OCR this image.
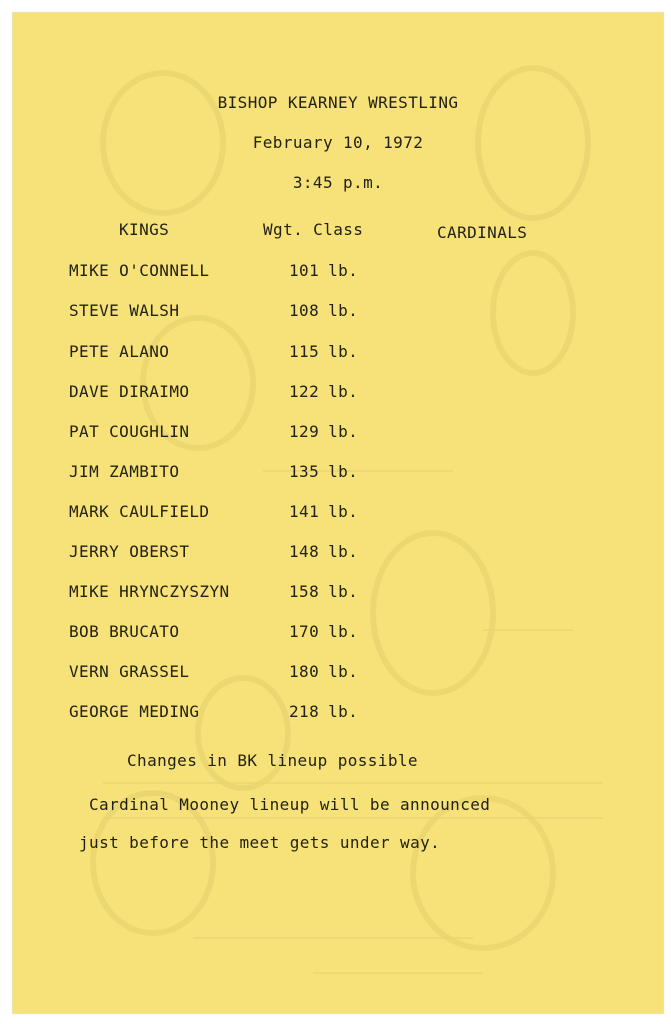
BISHOP KEARNEY WRESTLING
February 10, 1972
3:45 p.m.
KINGS	Wgt. Class	CARDINALS
MIKE O'CONNELL	101 lb.
STEVE WALSH	108 lb.
PETE ALANO	115 lb.
DAVE DIRAIMO	122 lb.
PAT COUGHLIN	129 lb.
JIM ZAMBITO	135 lb.
MARK CAULFIELD	141 lb.
JERRY OBERST	148 lb.
MIKE HRYNCZYSZYN	158 lb.
BOB BRUCATO	170 lb.
VERN GRASSEL	180 lb.
GEORGE MEDING	218 lb.
Changes in BK lineup possible
Cardinal Mooney lineup will be announced
just before the meet gets under way.
